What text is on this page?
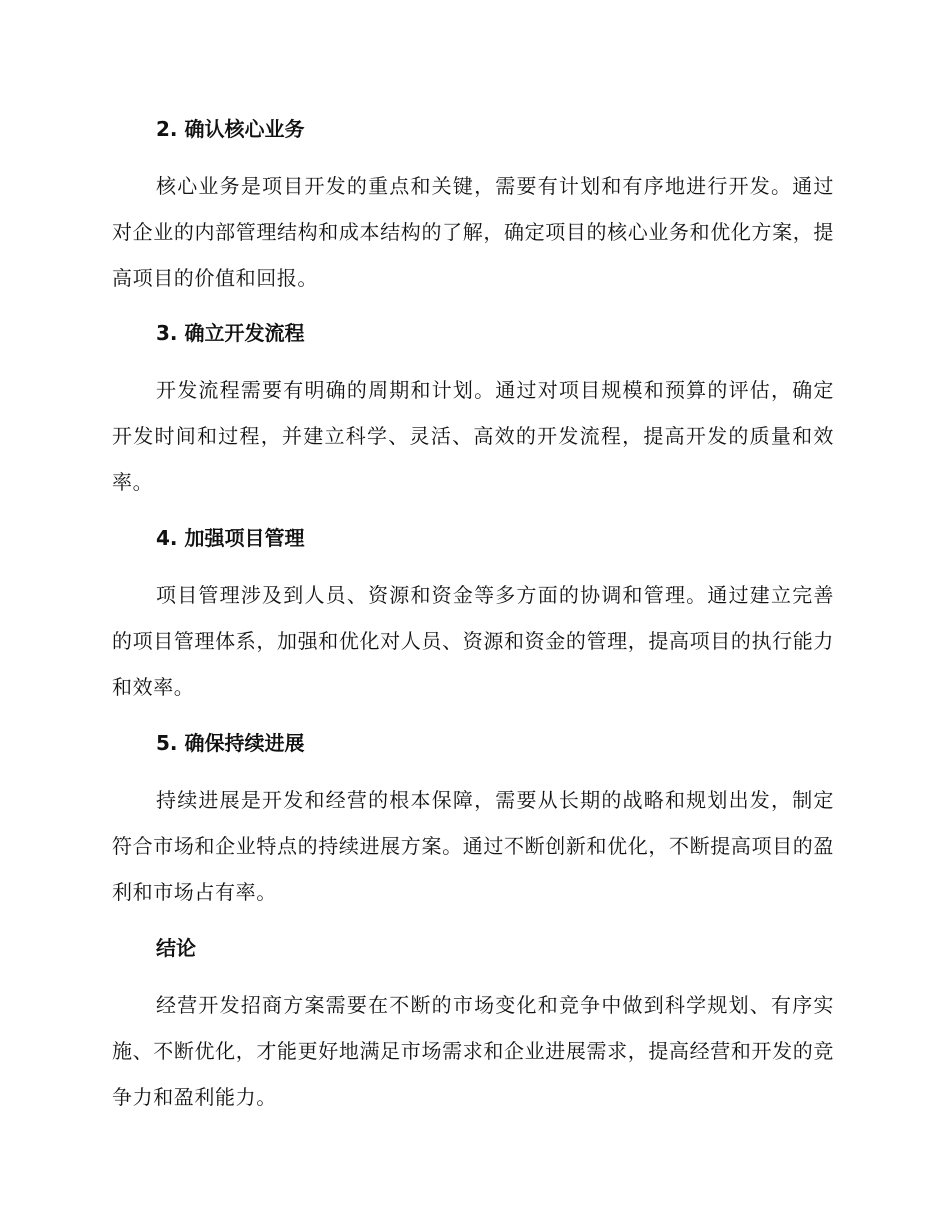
2. 确认核心业务

核心业务是项目开发的重点和关键，需要有计划和有序地进行开发。通过对企业的内部管理结构和成本结构的了解，确定项目的核心业务和优化方案，提高项目的价值和回报。

3. 确立开发流程

开发流程需要有明确的周期和计划。通过对项目规模和预算的评估，确定开发时间和过程，并建立科学、灵活、高效的开发流程，提高开发的质量和效率。

4. 加强项目管理

项目管理涉及到人员、资源和资金等多方面的协调和管理。通过建立完善的项目管理体系，加强和优化对人员、资源和资金的管理，提高项目的执行能力和效率。

5. 确保持续进展

持续进展是开发和经营的根本保障，需要从长期的战略和规划出发，制定符合市场和企业特点的持续进展方案。通过不断创新和优化，不断提高项目的盈利和市场占有率。

结论

经营开发招商方案需要在不断的市场变化和竞争中做到科学规划、有序实施、不断优化，才能更好地满足市场需求和企业进展需求，提高经营和开发的竞争力和盈利能力。
